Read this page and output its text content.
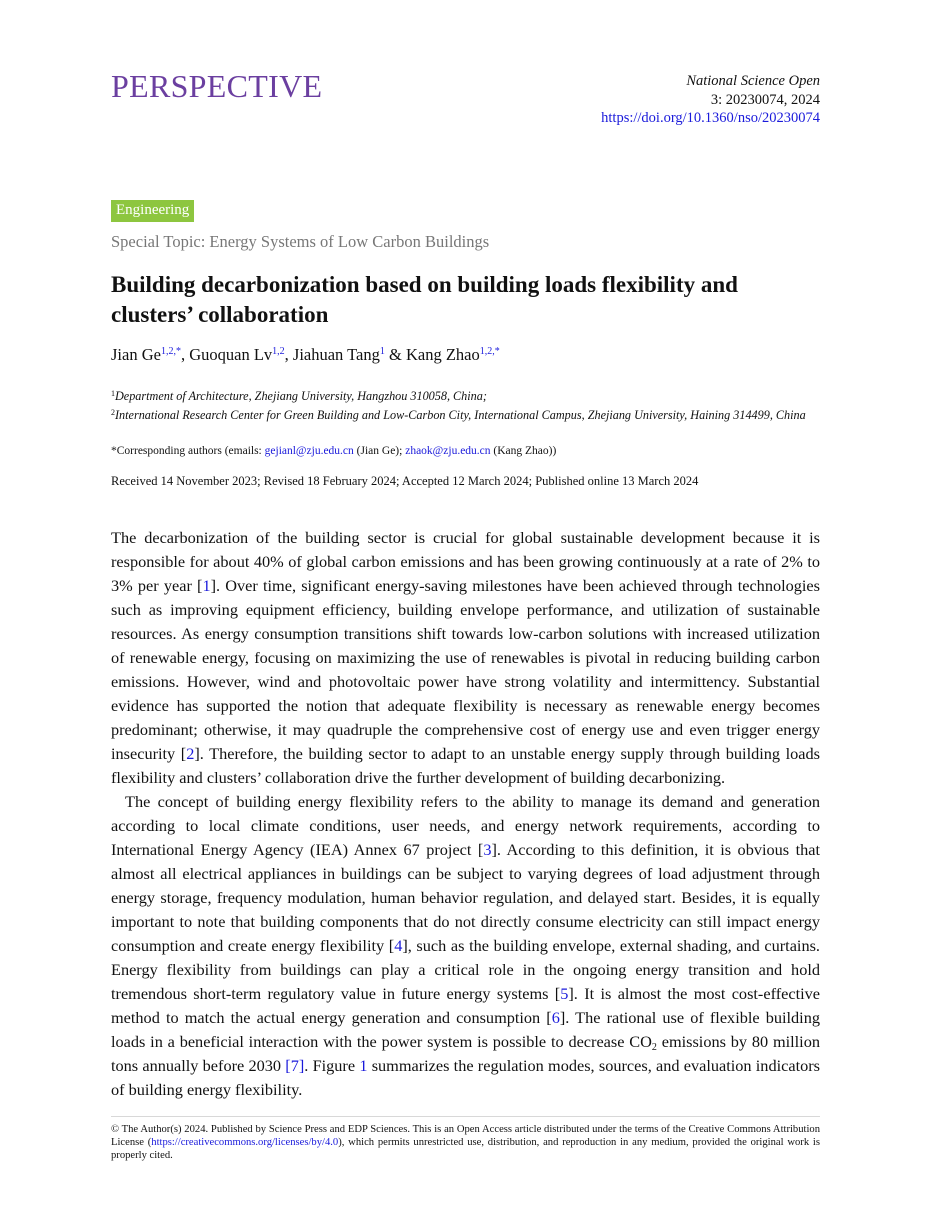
PERSPECTIVE	National Science Open
3: 20230074, 2024
https://doi.org/10.1360/nso/20230074
Engineering
Special Topic: Energy Systems of Low Carbon Buildings
Building decarbonization based on building loads flexibility and clusters’ collaboration
Jian $Ge^{1,2,*}$, Guoquan Lv$^{1,2}$, Jiahuan Tang$^1$ & Kang Zhao$^{1,2,*}$
$^1$Department of Architecture, Zhejiang University, Hangzhou 310058, China;
$^2$International Research Center for Green Building and Low-Carbon City, International Campus, Zhejiang University, Haining 314499, China
*Corresponding authors (emails: gejianl@zju.edu.cn (Jian Ge); zhaok@zju.edu.cn (Kang Zhao))
Received 14 November 2023; Revised 18 February 2024; Accepted 12 March 2024; Published online 13 March 2024

The decarbonization of the building sector is crucial for global sustainable development because it is responsible for about 40% of global carbon emissions and has been growing continuously at a rate of 2% to 3% per year [1]. Over time, significant energy-saving milestones have been achieved through technologies such as improving equipment efficiency, building envelope performance, and utilization of sustainable resources. As energy consumption transitions shift towards low-carbon solutions with increased utilization of renewable energy, focusing on maximizing the use of renewables is pivotal in reducing building carbon emissions. However, wind and photovoltaic power have strong volatility and intermittency. Substantial evidence has supported the notion that adequate flexibility is necessary as renewable energy becomes predominant; otherwise, it may quadruple the comprehensive cost of energy use and even trigger energy insecurity [2]. Therefore, the building sector to adapt to an unstable energy supply through building loads flexibility and clusters’ collaboration drive the further development of building decarbonizing.

The concept of building energy flexibility refers to the ability to manage its demand and generation according to local climate conditions, user needs, and energy network requirements, according to International Energy Agency (IEA) Annex 67 project [3]. According to this definition, it is obvious that almost all electrical appliances in buildings can be subject to varying degrees of load adjustment through energy storage, frequency modulation, human behavior regulation, and delayed start. Besides, it is equally important to note that building components that do not directly consume electricity can still impact energy consumption and create energy flexibility [4], such as the building envelope, external shading, and curtains. Energy flexibility from buildings can play a critical role in the ongoing energy transition and hold tremendous short-term regulatory value in future energy systems [5]. It is almost the most cost-effective method to match the actual energy generation and consumption [6]. The rational use of flexible building loads in a beneficial interaction with the power system is possible to decrease $CO_2$ emissions by 80 million tons annually before 2030 [7]. Figure 1 summarizes the regulation modes, sources, and evaluation indicators of building energy flexibility.

© The Author(s) 2024. Published by Science Press and EDP Sciences. This is an Open Access article distributed under the terms of the Creative Commons Attribution License (https://creativecommons.org/licenses/by/4.0), which permits unrestricted use, distribution, and reproduction in any medium, provided the original work is properly cited.
